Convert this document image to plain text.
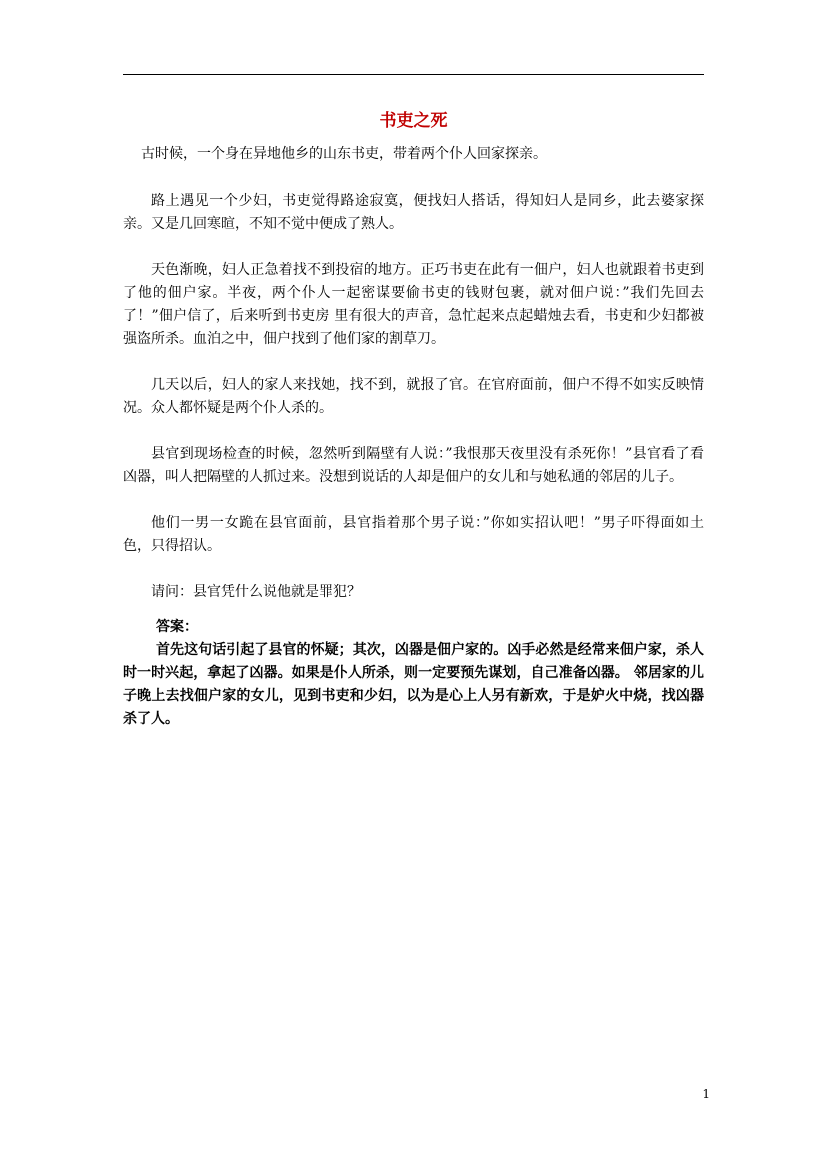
书吏之死

古时候，一个身在异地他乡的山东书吏，带着两个仆人回家探亲。

路上遇见一个少妇，书吏觉得路途寂寞，便找妇人搭话，得知妇人是同乡，此去婆家探亲。又是几回寒暄，不知不觉中便成了熟人。

天色渐晚，妇人正急着找不到投宿的地方。正巧书吏在此有一佃户，妇人也就跟着书吏到了他的佃户家。半夜，两个仆人一起密谋要偷书吏的钱财包裹，就对佃户说：”我们先回去了！”佃户信了，后来听到书吏房 里有很大的声音，急忙起来点起蜡烛去看，书吏和少妇都被强盗所杀。血泊之中，佃户找到了他们家的割草刀。

几天以后，妇人的家人来找她，找不到，就报了官。在官府面前，佃户不得不如实反映情况。众人都怀疑是两个仆人杀的。

县官到现场检查的时候，忽然听到隔壁有人说：”我恨那天夜里没有杀死你！”县官看了看凶器，叫人把隔壁的人抓过来。没想到说话的人却是佃户的女儿和与她私通的邻居的儿子。

他们一男一女跪在县官面前，县官指着那个男子说：”你如实招认吧！”男子吓得面如土色，只得招认。

请问：县官凭什么说他就是罪犯？

答案：

首先这句话引起了县官的怀疑；其次，凶器是佃户家的。凶手必然是经常来佃户家，杀人时一时兴起，拿起了凶器。如果是仆人所杀，则一定要预先谋划，自己准备凶器。 邻居家的儿子晚上去找佃户家的女儿，见到书吏和少妇，以为是心上人另有新欢，于是妒火中烧，找凶器杀了人。

1
